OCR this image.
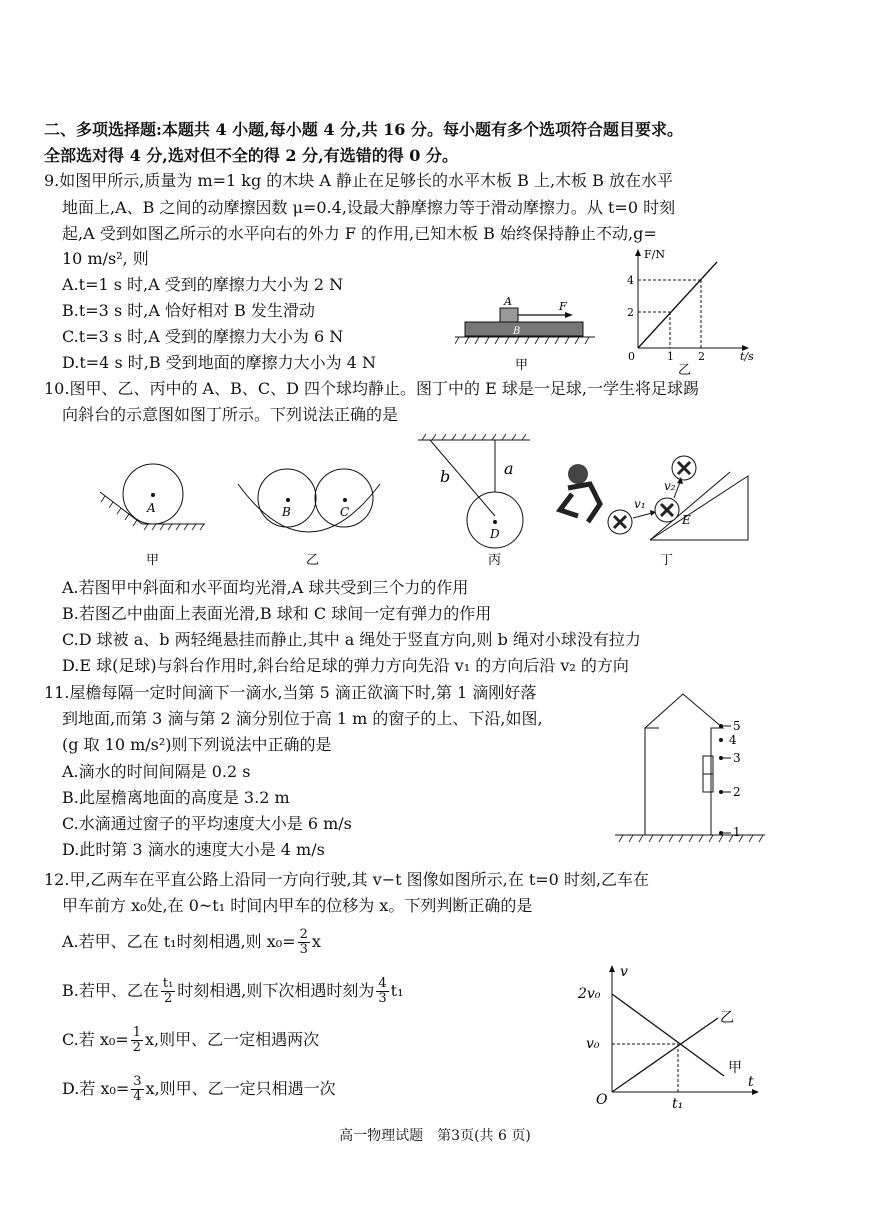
二、多项选择题:本题共 4 小题,每小题 4 分,共 16 分。每小题有多个选项符合题目要求。
全部选对得 4 分,选对但不全的得 2 分,有选错的得 0 分。
9.如图甲所示,质量为 m=1 kg 的木块 A 静止在足够长的水平木板 B 上,木板 B 放在水平
地面上,A、B 之间的动摩擦因数 μ=0.4,设最大静摩擦力等于滑动摩擦力。从 t=0 时刻
起,A 受到如图乙所示的水平向右的外力 F 的作用,已知木板 B 始终保持静止不动,g=
10 m/s², 则
A.t=1 s 时,A 受到的摩擦力大小为 2 N
B.t=3 s 时,A 恰好相对 B 发生滑动
C.t=3 s 时,A 受到的摩擦力大小为 6 N
D.t=4 s 时,B 受到地面的摩擦力大小为 4 N
A
B
F
甲
F/N
t/s
0	1 2
2
4
乙
10.图甲、乙、丙中的 A、B、C、D 四个球均静止。图丁中的 E 球是一足球,一学生将足球踢
向斜台的示意图如图丁所示。下列说法正确的是
A
甲
B	C
乙
b	a
D
丙
v₁
v₂
E
丁
A.若图甲中斜面和水平面均光滑,A 球共受到三个力的作用
B.若图乙中曲面上表面光滑,B 球和 C 球间一定有弹力的作用
C.D 球被 a、b 两轻绳悬挂而静止,其中 a 绳处于竖直方向,则 b 绳对小球没有拉力
D.E 球(足球)与斜台作用时,斜台给足球的弹力方向先沿 v₁ 的方向后沿 v₂ 的方向
11.屋檐每隔一定时间滴下一滴水,当第 5 滴正欲滴下时,第 1 滴刚好落
到地面,而第 3 滴与第 2 滴分别位于高 1 m 的窗子的上、下沿,如图,
(g 取 10 m/s²)则下列说法中正确的是
A.滴水的时间间隔是 0.2 s
B.此屋檐离地面的高度是 3.2 m
C.水滴通过窗子的平均速度大小是 6 m/s
D.此时第 3 滴水的速度大小是 4 m/s
5
4
3
2
1
12.甲,乙两车在平直公路上沿同一方向行驶,其 v−t 图像如图所示,在 t=0 时刻,乙车在
甲车前方 x₀处,在 0~t₁ 时间内甲车的位移为 x。下列判断正确的是
A.若甲、乙在 t₁时刻相遇,则 $x_0= \frac{2}{3}$ x
B.若甲、乙在 $\frac{\text{t₁}}{2}$ 时刻相遇,则下次相遇时刻为 $\frac{4}{3} t_1$
C.若 $x_0= \frac{1}{2} x$,则甲、乙一定相遇两次
D.若 $x_0= \frac{3}{4} x$,则甲、乙一定只相遇一次
v
t
O
2v₀
v₀
t₁
乙
甲
高一物理试题　第3页(共 6 页)
